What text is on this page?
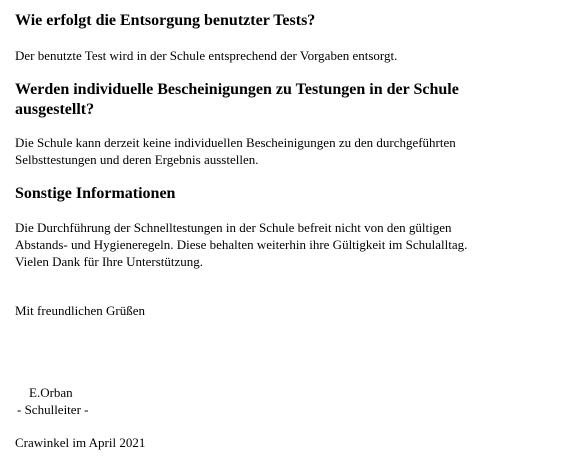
Wie erfolgt die Entsorgung benutzter Tests?

Der benutzte Test wird in der Schule entsprechend der Vorgaben entsorgt.

Werden individuelle Bescheinigungen zu Testungen in der Schule
ausgestellt?

Die Schule kann derzeit keine individuellen Bescheinigungen zu den durchgeführten
Selbsttestungen und deren Ergebnis ausstellen.

Sonstige Informationen

Die Durchführung der Schnelltestungen in der Schule befreit nicht von den gültigen
Abstands- und Hygieneregeln. Diese behalten weiterhin ihre Gültigkeit im Schulalltag.
Vielen Dank für Ihre Unterstützung.

Mit freundlichen Grüßen

E.Orban

- Schulleiter -

Crawinkel im April 2021
